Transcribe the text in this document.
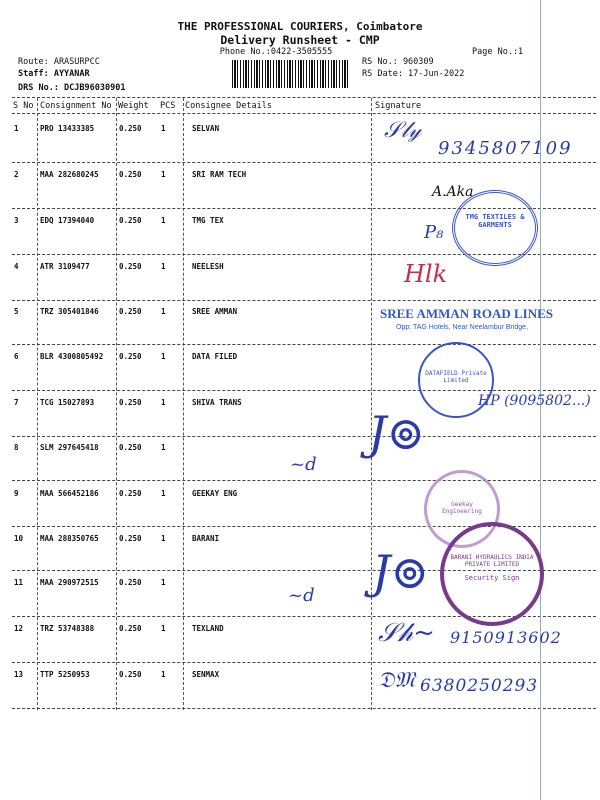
THE PROFESSIONAL COURIERS, Coimbatore
Delivery Runsheet - CMP
Phone No.:0422-3505555	Page No.:1
Route: ARASURPCC
Staff: AYYANAR
DRS No.: DCJB96030901
RS No.: 960309
RS Date: 17-Jun-2022
S No Consignment No Weight PCS Consignee Details	Signature
1	PRO 13433385	0.250	1	SELVAN
2	MAA 282680245	0.250	1	SRI RAM TECH
3	EDQ 17394040	0.250	1	TMG TEX
4	ATR 3109477	0.250	1	NEELESH
5	TRZ 305401846	0.250	1	SREE AMMAN
6	BLR 4300805492 0.250	1	DATA FILED
7	TCG 15027893	0.250	1	SHIVA TRANS
8	SLM 297645418	0.250	1
9	MAA 566452186	0.250	1	GEEKAY ENG
10 MAA 288350765	0.250	1	BARANI
11 MAA 290972515	0.250	1
12 TRZ 53748388	0.250	1	TEXLAND
13 TTP 5250953	0.250	1	SENMAX
𝒮𝓁𝓎
9345807109
A.Aka
P₈
Hlk
HP (9095802...)
J⊚
~d
J⊚
~d
𝒮𝒽~ 9150913602
𝔇𝔐 6380250293
TMG TEXTILES & GARMENTS
SREE AMMAN ROAD LINES
Opp: TAG Hotels, Near Neelambur Bridge,
DATAFIELD Private Limited
Geekay Engineering
BARANI HYDRAULICS INDIA PRIVATE LIMITED
Security Sign
